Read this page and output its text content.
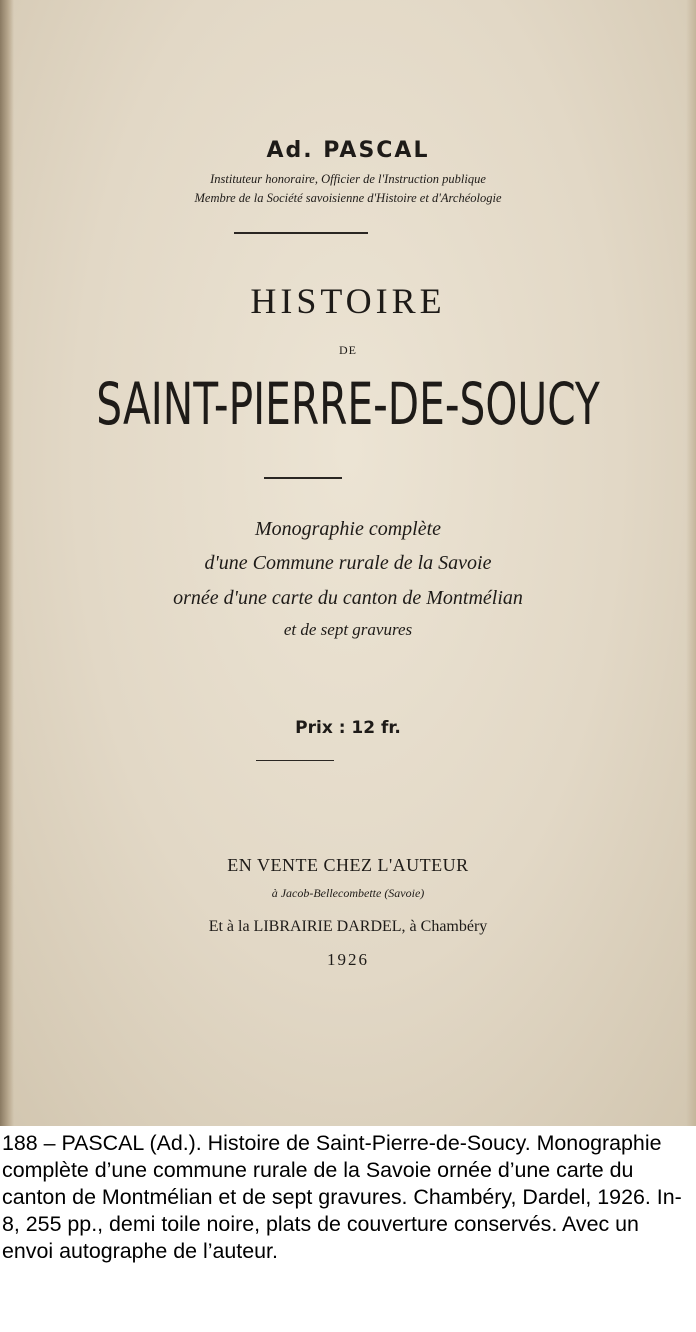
Ad. PASCAL
Instituteur honoraire, Officier de l'Instruction publique
Membre de la Société savoisienne d'Histoire et d'Archéologie
HISTOIRE
DE
SAINT-PIERRE-DE-SOUCY
Monographie complète
d'une Commune rurale de la Savoie
ornée d'une carte du canton de Montmélian
et de sept gravures
Prix : 12 fr.
EN VENTE CHEZ L'AUTEUR
à Jacob-Bellecombette (Savoie)
Et à la LIBRAIRIE DARDEL, à Chambéry
1926
188 – PASCAL (Ad.). Histoire de Saint-Pierre-de-Soucy. Monographie complète d’une commune rurale de la Savoie ornée d’une carte du canton de Montmélian et de sept gravures. Chambéry, Dardel, 1926. In-8, 255 pp., demi toile noire, plats de couverture conservés. Avec un envoi autographe de l’auteur.
